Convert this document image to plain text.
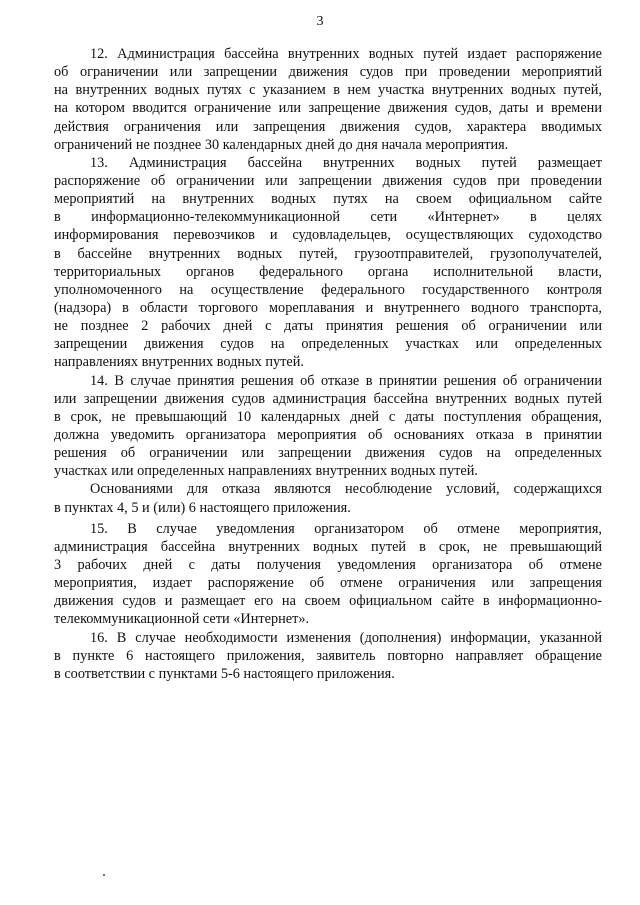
3
12. Администрация бассейна внутренних водных путей издает распоряжение
об ограничении или запрещении движения судов при проведении мероприятий
на внутренних водных путях с указанием в нем участка внутренних водных путей,
на котором вводится ограничение или запрещение движения судов, даты и времени
действия ограничения или запрещения движения судов, характера вводимых
ограничений не позднее 30 календарных дней до дня начала мероприятия.
13. Администрация бассейна внутренних водных путей размещает
распоряжение об ограничении или запрещении движения судов при проведении
мероприятий на внутренних водных путях на своем официальном сайте
в информационно-телекоммуникационной сети «Интернет» в целях
информирования перевозчиков и судовладельцев, осуществляющих судоходство
в бассейне внутренних водных путей, грузоотправителей, грузополучателей,
территориальных органов федерального органа исполнительной власти,
уполномоченного на осуществление федерального государственного контроля
(надзора) в области торгового мореплавания и внутреннего водного транспорта,
не позднее 2 рабочих дней с даты принятия решения об ограничении или
запрещении движения судов на определенных участках или определенных
направлениях внутренних водных путей.
14. В случае принятия решения об отказе в принятии решения об ограничении
или запрещении движения судов администрация бассейна внутренних водных путей
в срок, не превышающий 10 календарных дней с даты поступления обращения,
должна уведомить организатора мероприятия об основаниях отказа в принятии
решения об ограничении или запрещении движения судов на определенных
участках или определенных направлениях внутренних водных путей.
Основаниями для отказа являются несоблюдение условий, содержащихся
в пунктах 4, 5 и (или) 6 настоящего приложения.
15. В случае уведомления организатором об отмене мероприятия,
администрация бассейна внутренних водных путей в срок, не превышающий
3 рабочих дней с даты получения уведомления организатора об отмене
мероприятия, издает распоряжение об отмене ограничения или запрещения
движения судов и размещает его на своем официальном сайте в информационно-
телекоммуникационной сети «Интернет».
16. В случае необходимости изменения (дополнения) информации, указанной
в пункте 6 настоящего приложения, заявитель повторно направляет обращение
в соответствии с пунктами 5-6 настоящего приложения.
